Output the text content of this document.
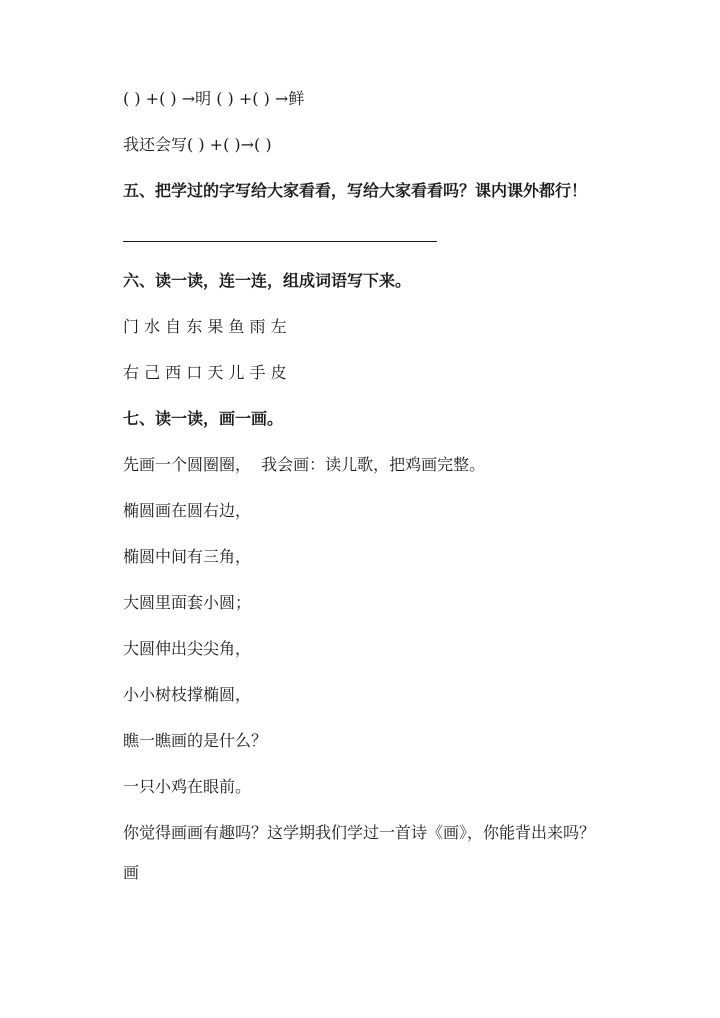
( ) +( ) →明 ( ) +( ) →鲜
我还会写( ) +( )→( )
五、把学过的字写给大家看看，写给大家看看吗？课内课外都行！
六、读一读，连一连，组成词语写下来。
门 水 自 东 果 鱼 雨 左
右 己 西 口 天 儿 手 皮
七、读一读，画一画。
先画一个圆圈圈，  我会画：读儿歌，把鸡画完整。
椭圆画在圆右边，
椭圆中间有三角，
大圆里面套小圆；
大圆伸出尖尖角，
小小树枝撑椭圆，
瞧一瞧画的是什么？
一只小鸡在眼前。
你觉得画画有趣吗？这学期我们学过一首诗《画》，你能背出来吗？
画
